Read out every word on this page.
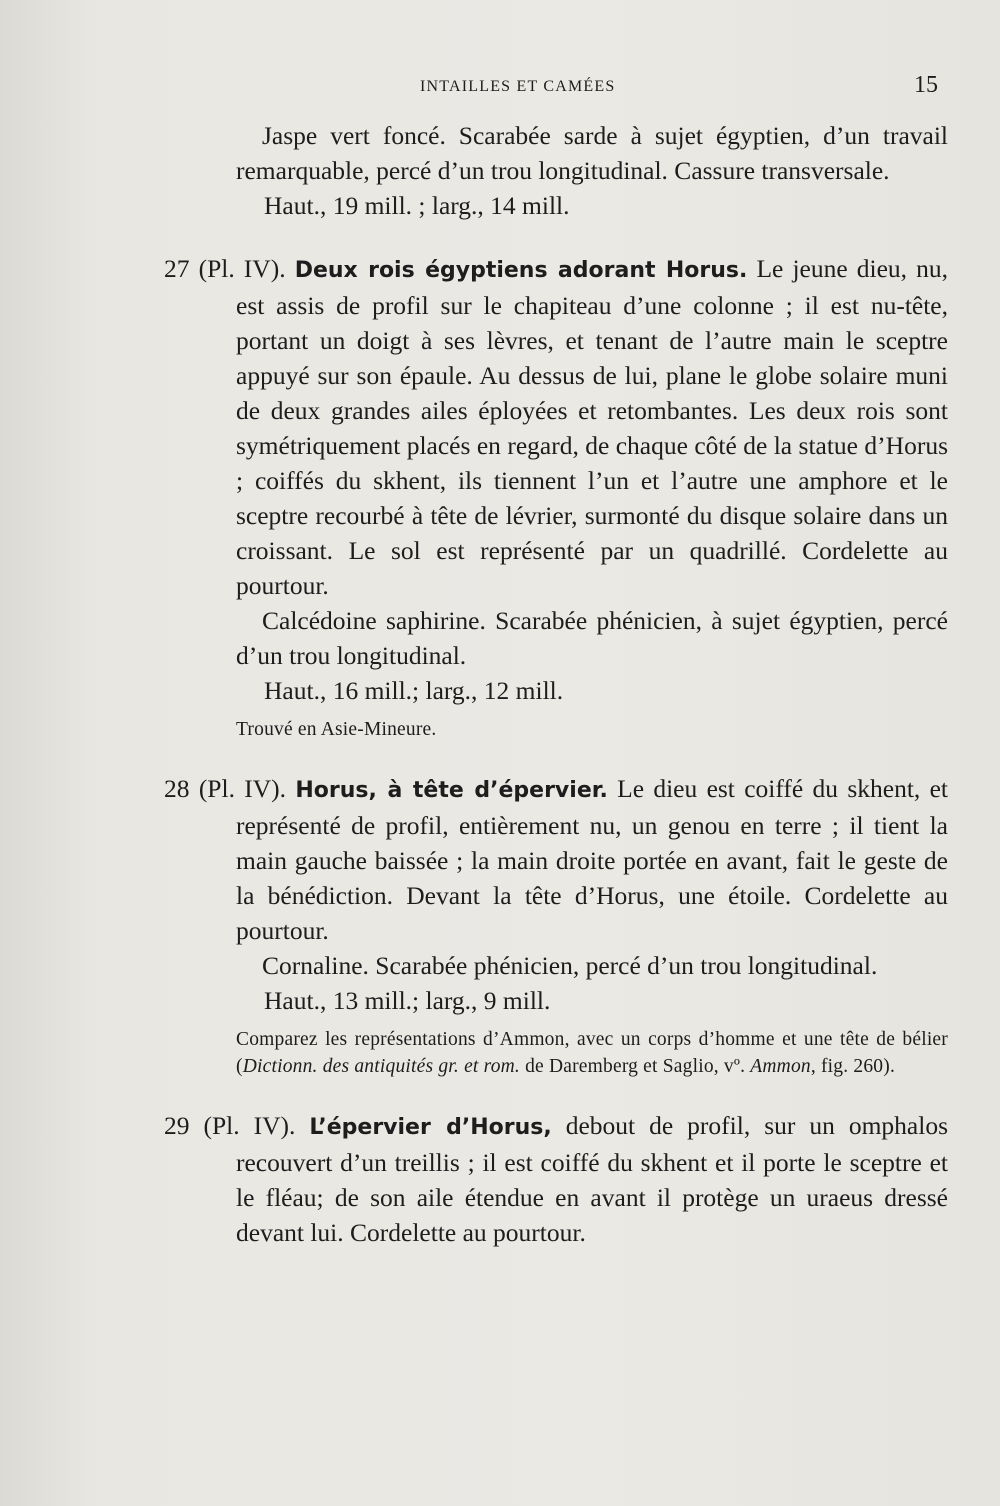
INTAILLES ET CAMÉES	15

Jaspe vert foncé. Scarabée sarde à sujet égyptien, d’un travail remarquable, percé d’un trou longitudinal. Cassure transversale.

Haut., 19 mill. ; larg., 14 mill.

27 (Pl. IV). Deux rois égyptiens adorant Horus. Le jeune dieu, nu, est assis de profil sur le chapiteau d’une colonne ; il est nu-tête, portant un doigt à ses lèvres, et tenant de l’autre main le sceptre appuyé sur son épaule. Au dessus de lui, plane le globe solaire muni de deux grandes ailes éployées et retombantes. Les deux rois sont symétriquement placés en regard, de chaque côté de la statue d’Horus ; coiffés du skhent, ils tiennent l’un et l’autre une amphore et le sceptre recourbé à tête de lévrier, surmonté du disque solaire dans un croissant. Le sol est représenté par un quadrillé. Cordelette au pourtour.

Calcédoine saphirine. Scarabée phénicien, à sujet égyptien, percé d’un trou longitudinal.

Haut., 16 mill.; larg., 12 mill.

Trouvé en Asie-Mineure.

28 (Pl. IV). Horus, à tête d’épervier. Le dieu est coiffé du skhent, et représenté de profil, entièrement nu, un genou en terre ; il tient la main gauche baissée ; la main droite portée en avant, fait le geste de la bénédiction. Devant la tête d’Horus, une étoile. Cordelette au pourtour.

Cornaline. Scarabée phénicien, percé d’un trou longitudinal.

Haut., 13 mill.; larg., 9 mill.

Comparez les représentations d’Ammon, avec un corps d’homme et une tête de bélier (Dictionn. des antiquités gr. et rom. de Daremberg et Saglio, vº. Ammon, fig. 260).

29 (Pl. IV). L’épervier d’Horus, debout de profil, sur un omphalos recouvert d’un treillis ; il est coiffé du skhent et il porte le sceptre et le fléau; de son aile étendue en avant il protège un uraeus dressé devant lui. Cordelette au pourtour.
